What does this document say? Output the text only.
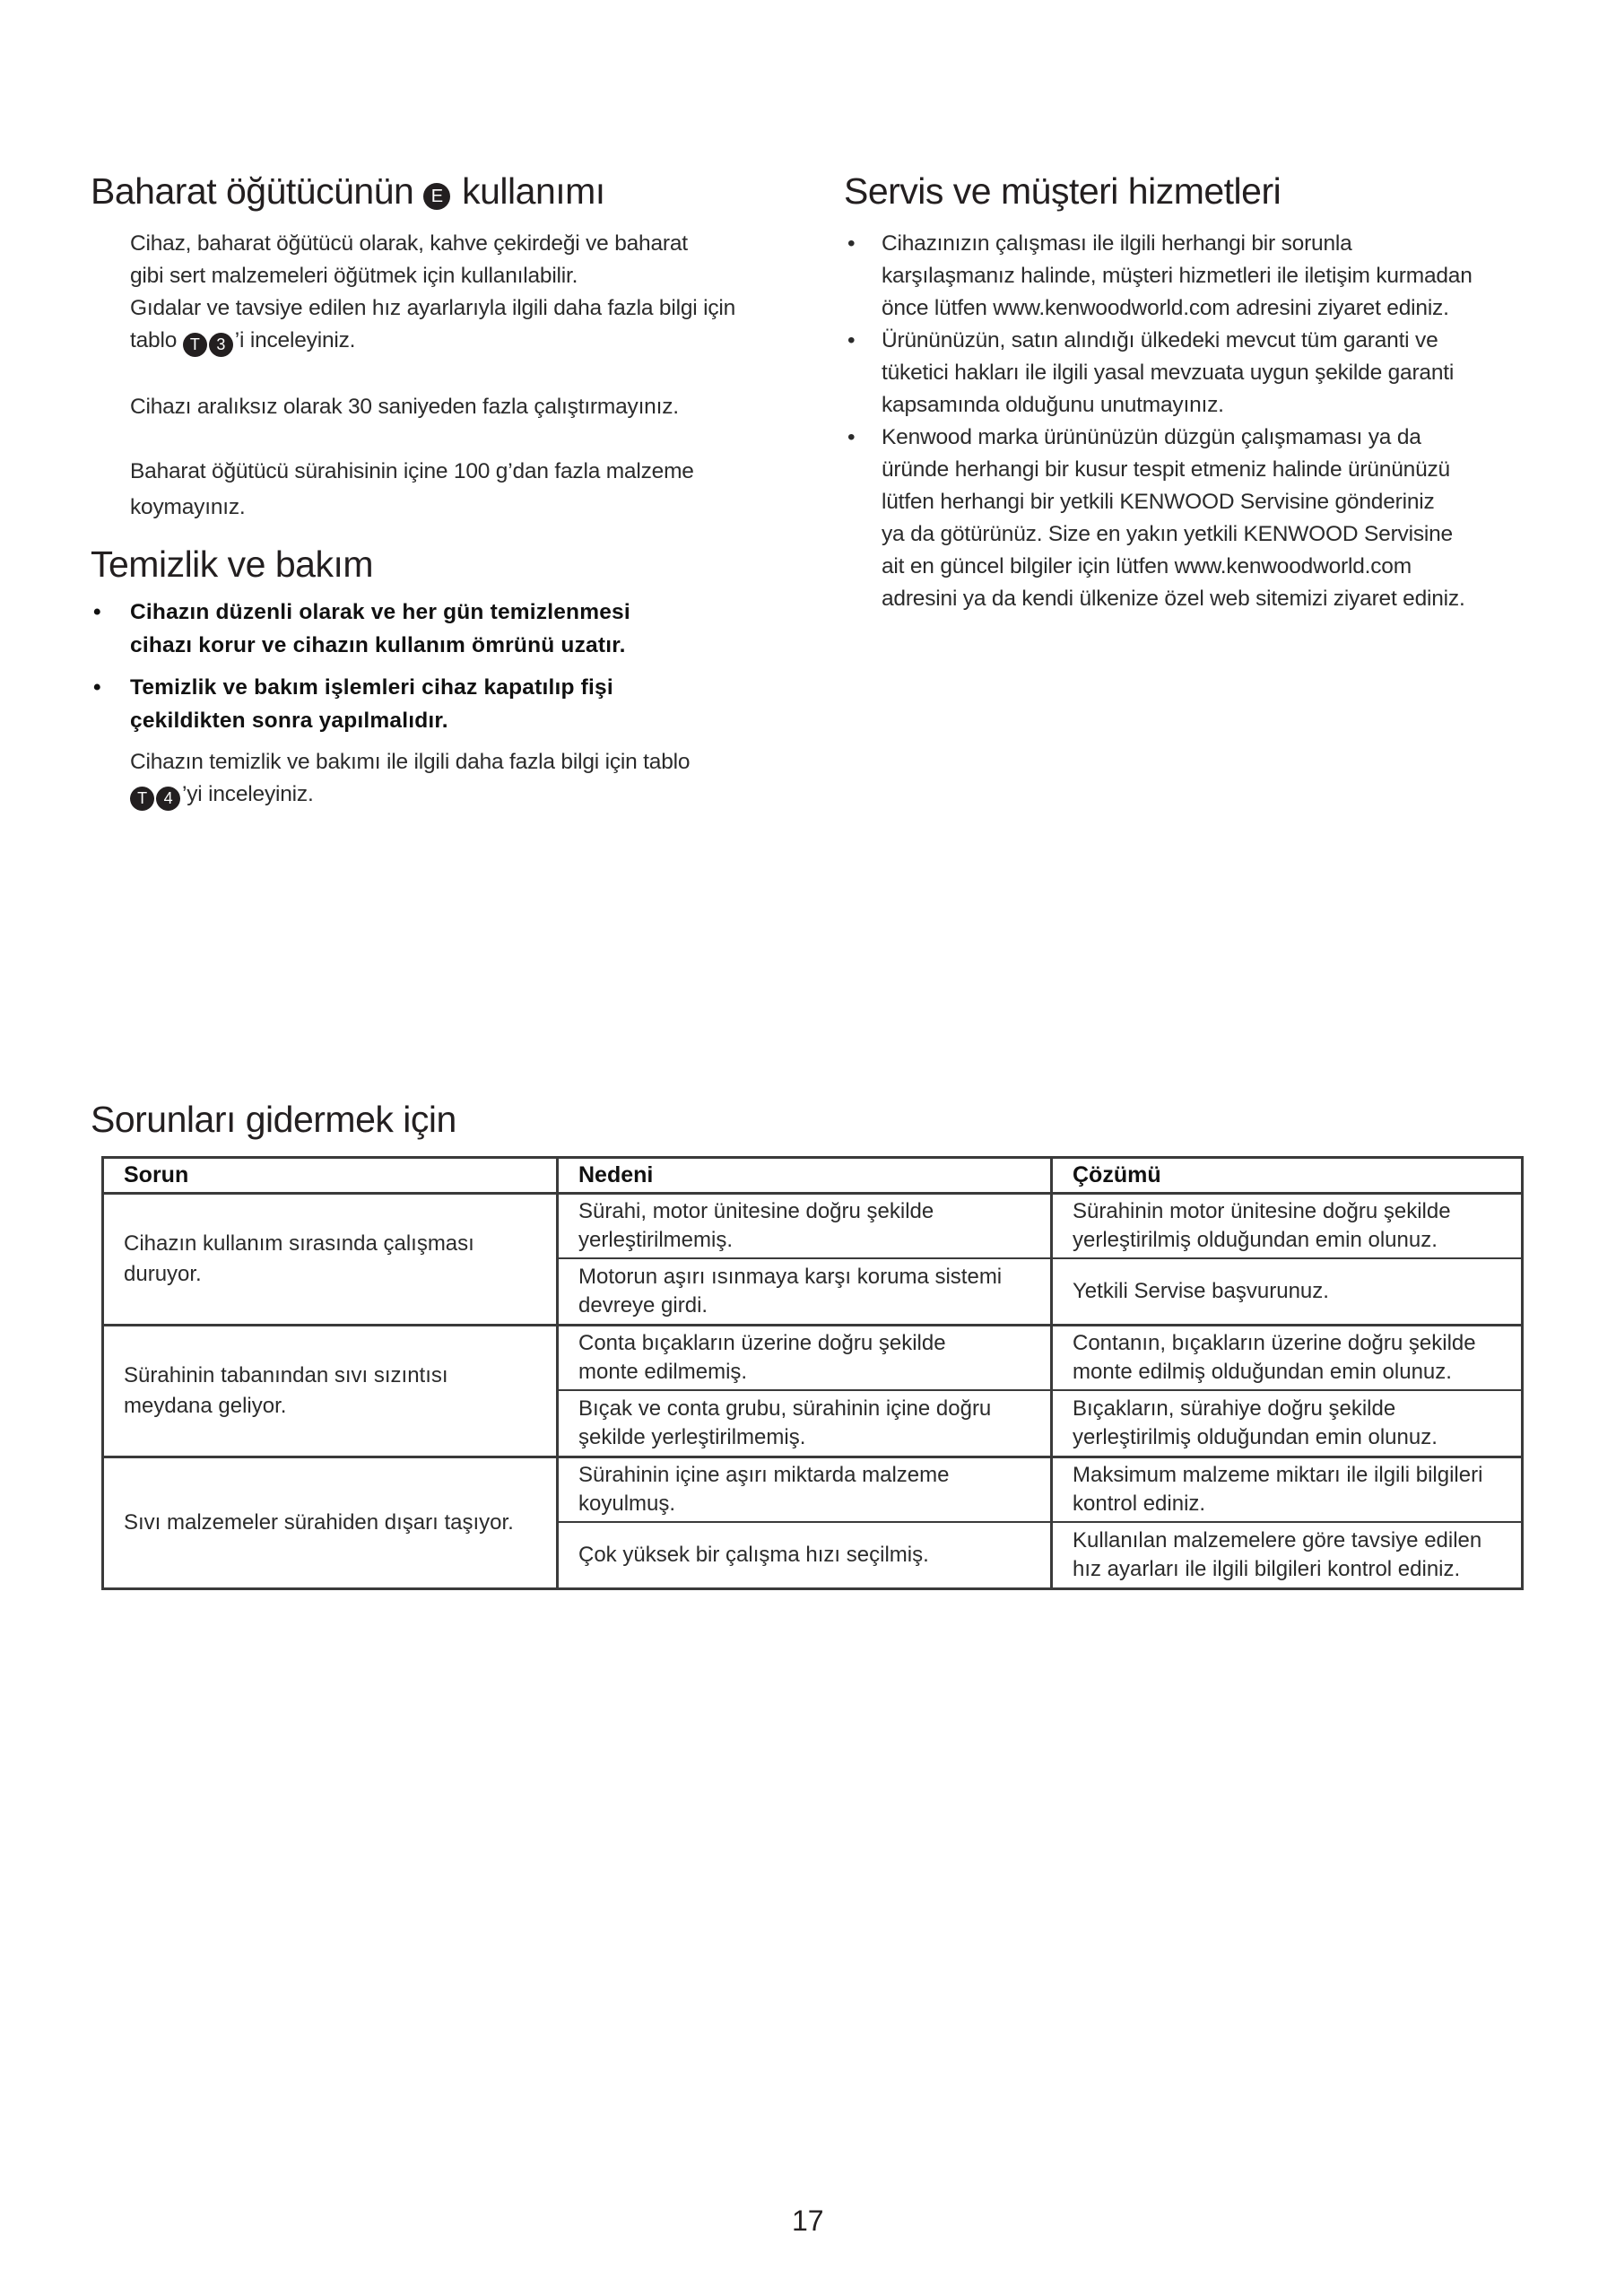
Baharat öğütücünün E kullanımı
Cihaz, baharat öğütücü olarak, kahve çekirdeği ve baharat
gibi sert malzemeleri öğütmek için kullanılabilir.
Gıdalar ve tavsiye edilen hız ayarlarıyla ilgili daha fazla bilgi için
tablo T 3 ’i inceleyiniz.
Cihazı aralıksız olarak 30 saniyeden fazla çalıştırmayınız.
Baharat öğütücü sürahisinin içine 100 g’dan fazla malzeme
koymayınız.
Temizlik ve bakım
• Cihazın düzenli olarak ve her gün temizlenmesi
cihazı korur ve cihazın kullanım ömrünü uzatır.
• Temizlik ve bakım işlemleri cihaz kapatılıp fişi
çekildikten sonra yapılmalıdır.
Cihazın temizlik ve bakımı ile ilgili daha fazla bilgi için tablo
T 4 ’yi inceleyiniz.
Servis ve müşteri hizmetleri
• Cihazınızın çalışması ile ilgili herhangi bir sorunla
karşılaşmanız halinde, müşteri hizmetleri ile iletişim kurmadan
önce lütfen www.kenwoodworld.com adresini ziyaret ediniz.
• Ürününüzün, satın alındığı ülkedeki mevcut tüm garanti ve
tüketici hakları ile ilgili yasal mevzuata uygun şekilde garanti
kapsamında olduğunu unutmayınız.
• Kenwood marka ürününüzün düzgün çalışmaması ya da
üründe herhangi bir kusur tespit etmeniz halinde ürününüzü
lütfen herhangi bir yetkili KENWOOD Servisine gönderiniz
ya da götürünüz. Size en yakın yetkili KENWOOD Servisine
ait en güncel bilgiler için lütfen www.kenwoodworld.com
adresini ya da kendi ülkenize özel web sitemizi ziyaret ediniz.
Sorunları gidermek için
Sorun	Nedeni	Çözümü
Cihazın kullanım sırasında çalışması
duruyor.
Sürahi, motor ünitesine doğru şekilde
yerleştirilmemiş.
Sürahinin motor ünitesine doğru şekilde
yerleştirilmiş olduğundan emin olunuz.
Motorun aşırı ısınmaya karşı koruma sistemi
devreye girdi.
Yetkili Servise başvurunuz.
Sürahinin tabanından sıvı sızıntısı
meydana geliyor.
Conta bıçakların üzerine doğru şekilde
monte edilmemiş.
Contanın, bıçakların üzerine doğru şekilde
monte edilmiş olduğundan emin olunuz.
Bıçak ve conta grubu, sürahinin içine doğru
şekilde yerleştirilmemiş.
Bıçakların, sürahiye doğru şekilde
yerleştirilmiş olduğundan emin olunuz.
Sıvı malzemeler sürahiden dışarı taşıyor.
Sürahinin içine aşırı miktarda malzeme
koyulmuş.
Maksimum malzeme miktarı ile ilgili bilgileri
kontrol ediniz.
Çok yüksek bir çalışma hızı seçilmiş.
Kullanılan malzemelere göre tavsiye edilen
hız ayarları ile ilgili bilgileri kontrol ediniz.
17
